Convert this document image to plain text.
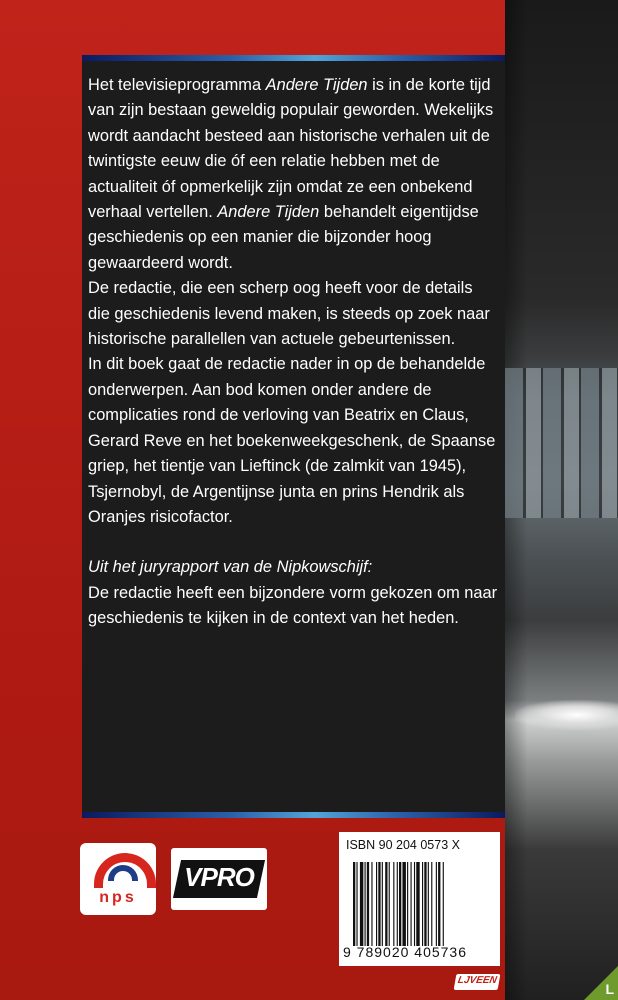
L

Het televisieprogramma Andere Tijden is in de korte tijd van zijn bestaan geweldig populair geworden. Wekelijks wordt aandacht besteed aan historische verhalen uit de twintigste eeuw die óf een relatie hebben met de actualiteit óf opmerkelijk zijn omdat ze een onbekend verhaal vertellen. Andere Tijden behandelt eigentijdse geschiedenis op een manier die bijzonder hoog gewaardeerd wordt.

De redactie, die een scherp oog heeft voor de details die geschiedenis levend maken, is steeds op zoek naar historische parallellen van actuele gebeurtenissen.

In dit boek gaat de redactie nader in op de behandelde onderwerpen. Aan bod komen onder andere de complicaties rond de verloving van Beatrix en Claus, Gerard Reve en het boekenweekgeschenk, de Spaanse griep, het tientje van Lieftinck (de zalmkit van 1945), Tsjernobyl, de Argentijnse junta en prins Hendrik als Oranjes risicofactor.

Uit het juryrapport van de Nipkowschijf:

De redactie heeft een bijzondere vorm gekozen om naar geschiedenis te kijken in de context van het heden.

nps
VPRO
ISBN 90 204 0573 X
9 789020 405736
LJVEEN
